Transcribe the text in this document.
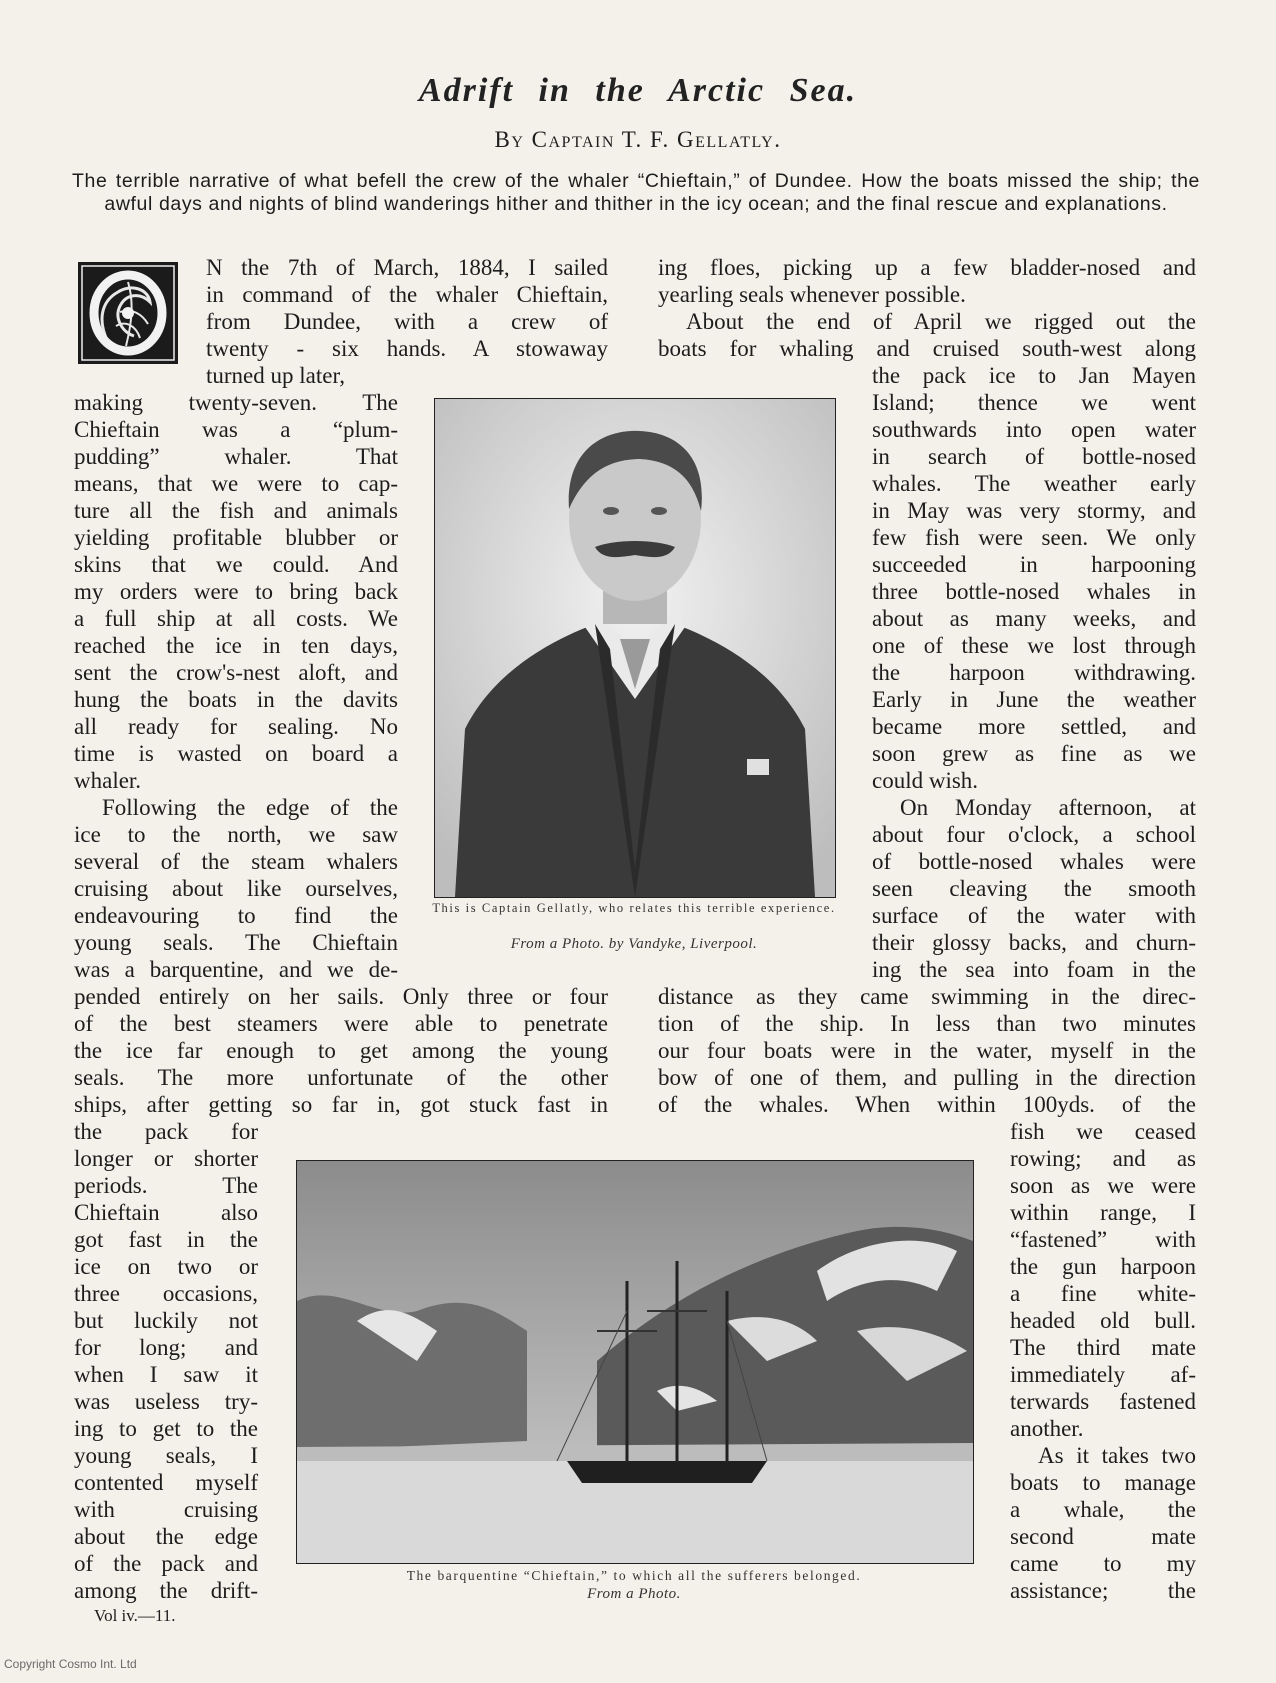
Adrift in the Arctic Sea.
By Captain T. F. Gellatly.
The terrible narrative of what befell the crew of the whaler “Chieftain,” of Dundee. How the boats missed the ship; the awful days and nights of blind wanderings hither and thither in the icy ocean; and the final rescue and explanations.
N the 7th of March, 1884, I sailed
in command of the whaler Chieftain,
from Dundee, with a crew of
twenty - six hands. A stowaway
turned up later,
making twenty-seven. The
Chieftain was a “plum-
pudding” whaler. That
means, that we were to cap-
ture all the fish and animals
yielding profitable blubber or
skins that we could. And
my orders were to bring back
a full ship at all costs. We
reached the ice in ten days,
sent the crow's-nest aloft, and
hung the boats in the davits
all ready for sealing. No
time is wasted on board a
whaler.
Following the edge of the
ice to the north, we saw
several of the steam whalers
cruising about like ourselves,
endeavouring to find the
young seals. The Chieftain
was a barquentine, and we de-
pended entirely on her sails. Only three or four
of the best steamers were able to penetrate
the ice far enough to get among the young
seals. The more unfortunate of the other
ships, after getting so far in, got stuck fast in
the pack for
longer or shorter
periods. The
Chieftain also
got fast in the
ice on two or
three occasions,
but luckily not
for long; and
when I saw it
was useless try-
ing to get to the
young seals, I
contented myself
with cruising
about the edge
of the pack and
among the drift-
ing floes, picking up a few bladder-nosed and
yearling seals whenever possible.
About the end of April we rigged out the
boats for whaling and cruised south-west along
the pack ice to Jan Mayen
Island; thence we went
southwards into open water
in search of bottle-nosed
whales. The weather early
in May was very stormy, and
few fish were seen. We only
succeeded in harpooning
three bottle-nosed whales in
about as many weeks, and
one of these we lost through
the harpoon withdrawing.
Early in June the weather
became more settled, and
soon grew as fine as we
could wish.
On Monday afternoon, at
about four o'clock, a school
of bottle-nosed whales were
seen cleaving the smooth
surface of the water with
their glossy backs, and churn-
ing the sea into foam in the
distance as they came swimming in the direc-
tion of the ship. In less than two minutes
our four boats were in the water, myself in the
bow of one of them, and pulling in the direction
of the whales. When within 100yds. of the
fish we ceased
rowing; and as
soon as we were
within range, I
“fastened” with
the gun harpoon
a fine white-
headed old bull.
The third mate
immediately af-
terwards fastened
another.
As it takes two
boats to manage
a whale, the
second mate
came to my
assistance; the
This is Captain Gellatly, who relates this terrible experience.
From a Photo. by Vandyke, Liverpool.
The barquentine “Chieftain,” to which all the sufferers belonged.
From a Photo.
Vol iv.—11.
Copyright Cosmo Int. Ltd
